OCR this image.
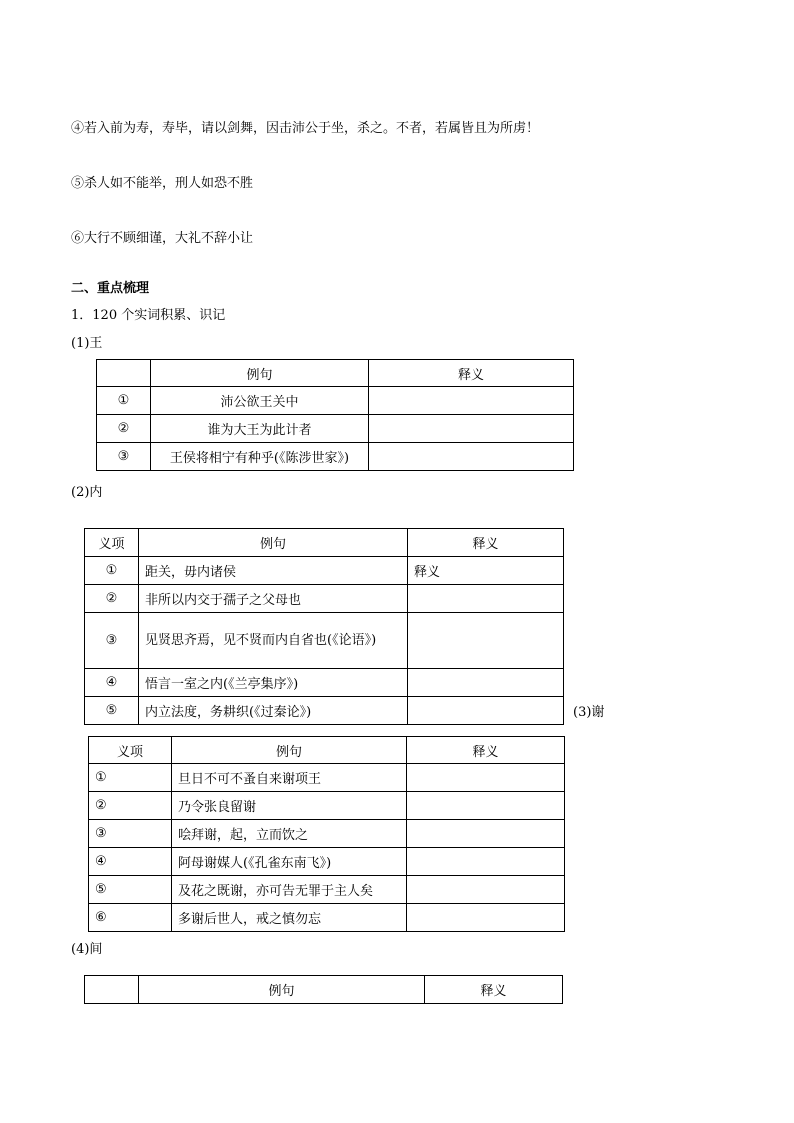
④若入前为寿，寿毕，请以剑舞，因击沛公于坐，杀之。不者，若属皆且为所虏！
⑤杀人如不能举，刑人如恐不胜
⑥大行不顾细谨，大礼不辞小让
二、重点梳理
1．120 个实词积累、识记
(1)王
	例句	释义
①	沛公欲王关中	
②	谁为大王为此计者	
③	王侯将相宁有种乎(《陈涉世家》)	
(2)内
义项	例句	释义
①	距关，毋内诸侯	释义
②	非所以内交于孺子之父母也	
③	见贤思齐焉，见不贤而内自省也(《论语》)	
④	悟言一室之内(《兰亭集序》)	
⑤	内立法度，务耕织(《过秦论》)		(3)谢
义项	例句	释义
①	旦日不可不蚤自来谢项王	
②	乃令张良留谢	
③	哙拜谢，起，立而饮之	
④	阿母谢媒人(《孔雀东南飞》)	
⑤	及花之既谢，亦可告无罪于主人矣	
⑥	多谢后世人，戒之慎勿忘	
(4)间
	例句	释义
